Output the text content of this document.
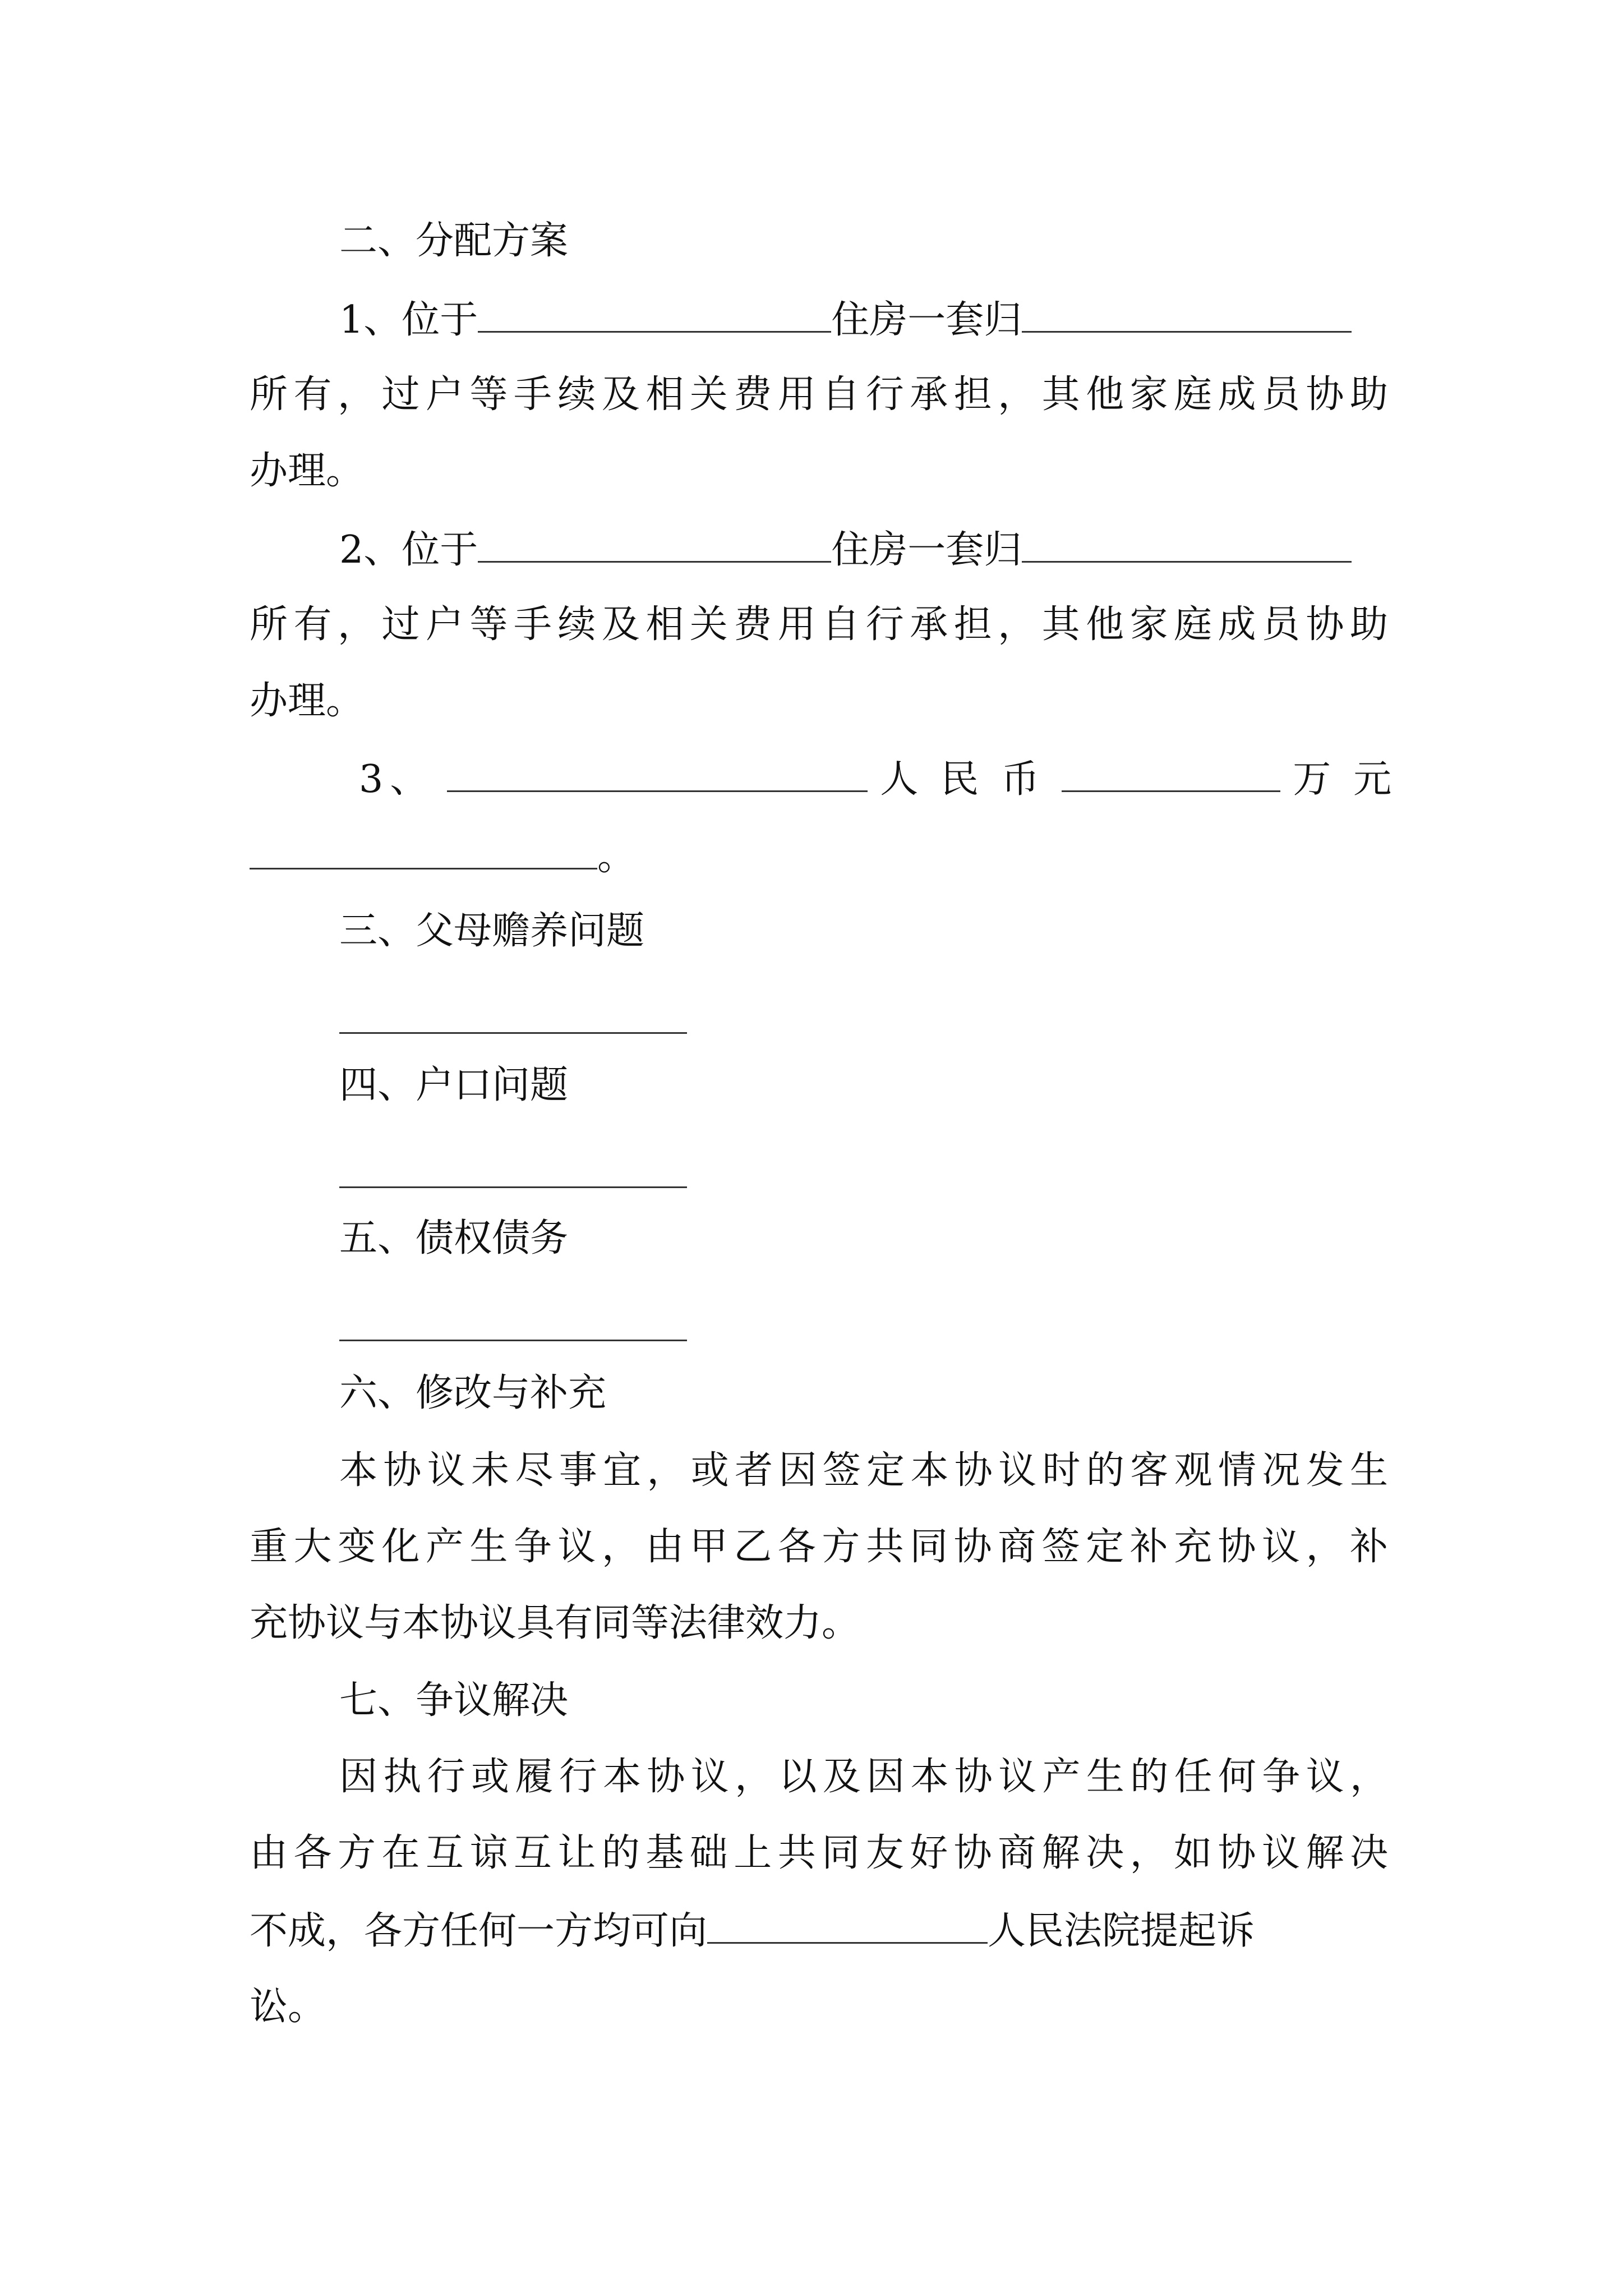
二、分配方案
1、位于	住房一套归
所有，过户等手续及相关费用自行承担，其他家庭成员协助
办理。
2、位于	住房一套归
所有，过户等手续及相关费用自行承担，其他家庭成员协助
办理。
3、	人民币	万元
。
三、父母赡养问题
四、户口问题
五、债权债务
六、修改与补充
本协议未尽事宜，或者因签定本协议时的客观情况发生
重大变化产生争议，由甲乙各方共同协商签定补充协议，补
充协议与本协议具有同等法律效力。
七、争议解决
因执行或履行本协议，以及因本协议产生的任何争议，
由各方在互谅互让的基础上共同友好协商解决，如协议解决
不成，各方任何一方均可向	人民法院提起诉
讼。
